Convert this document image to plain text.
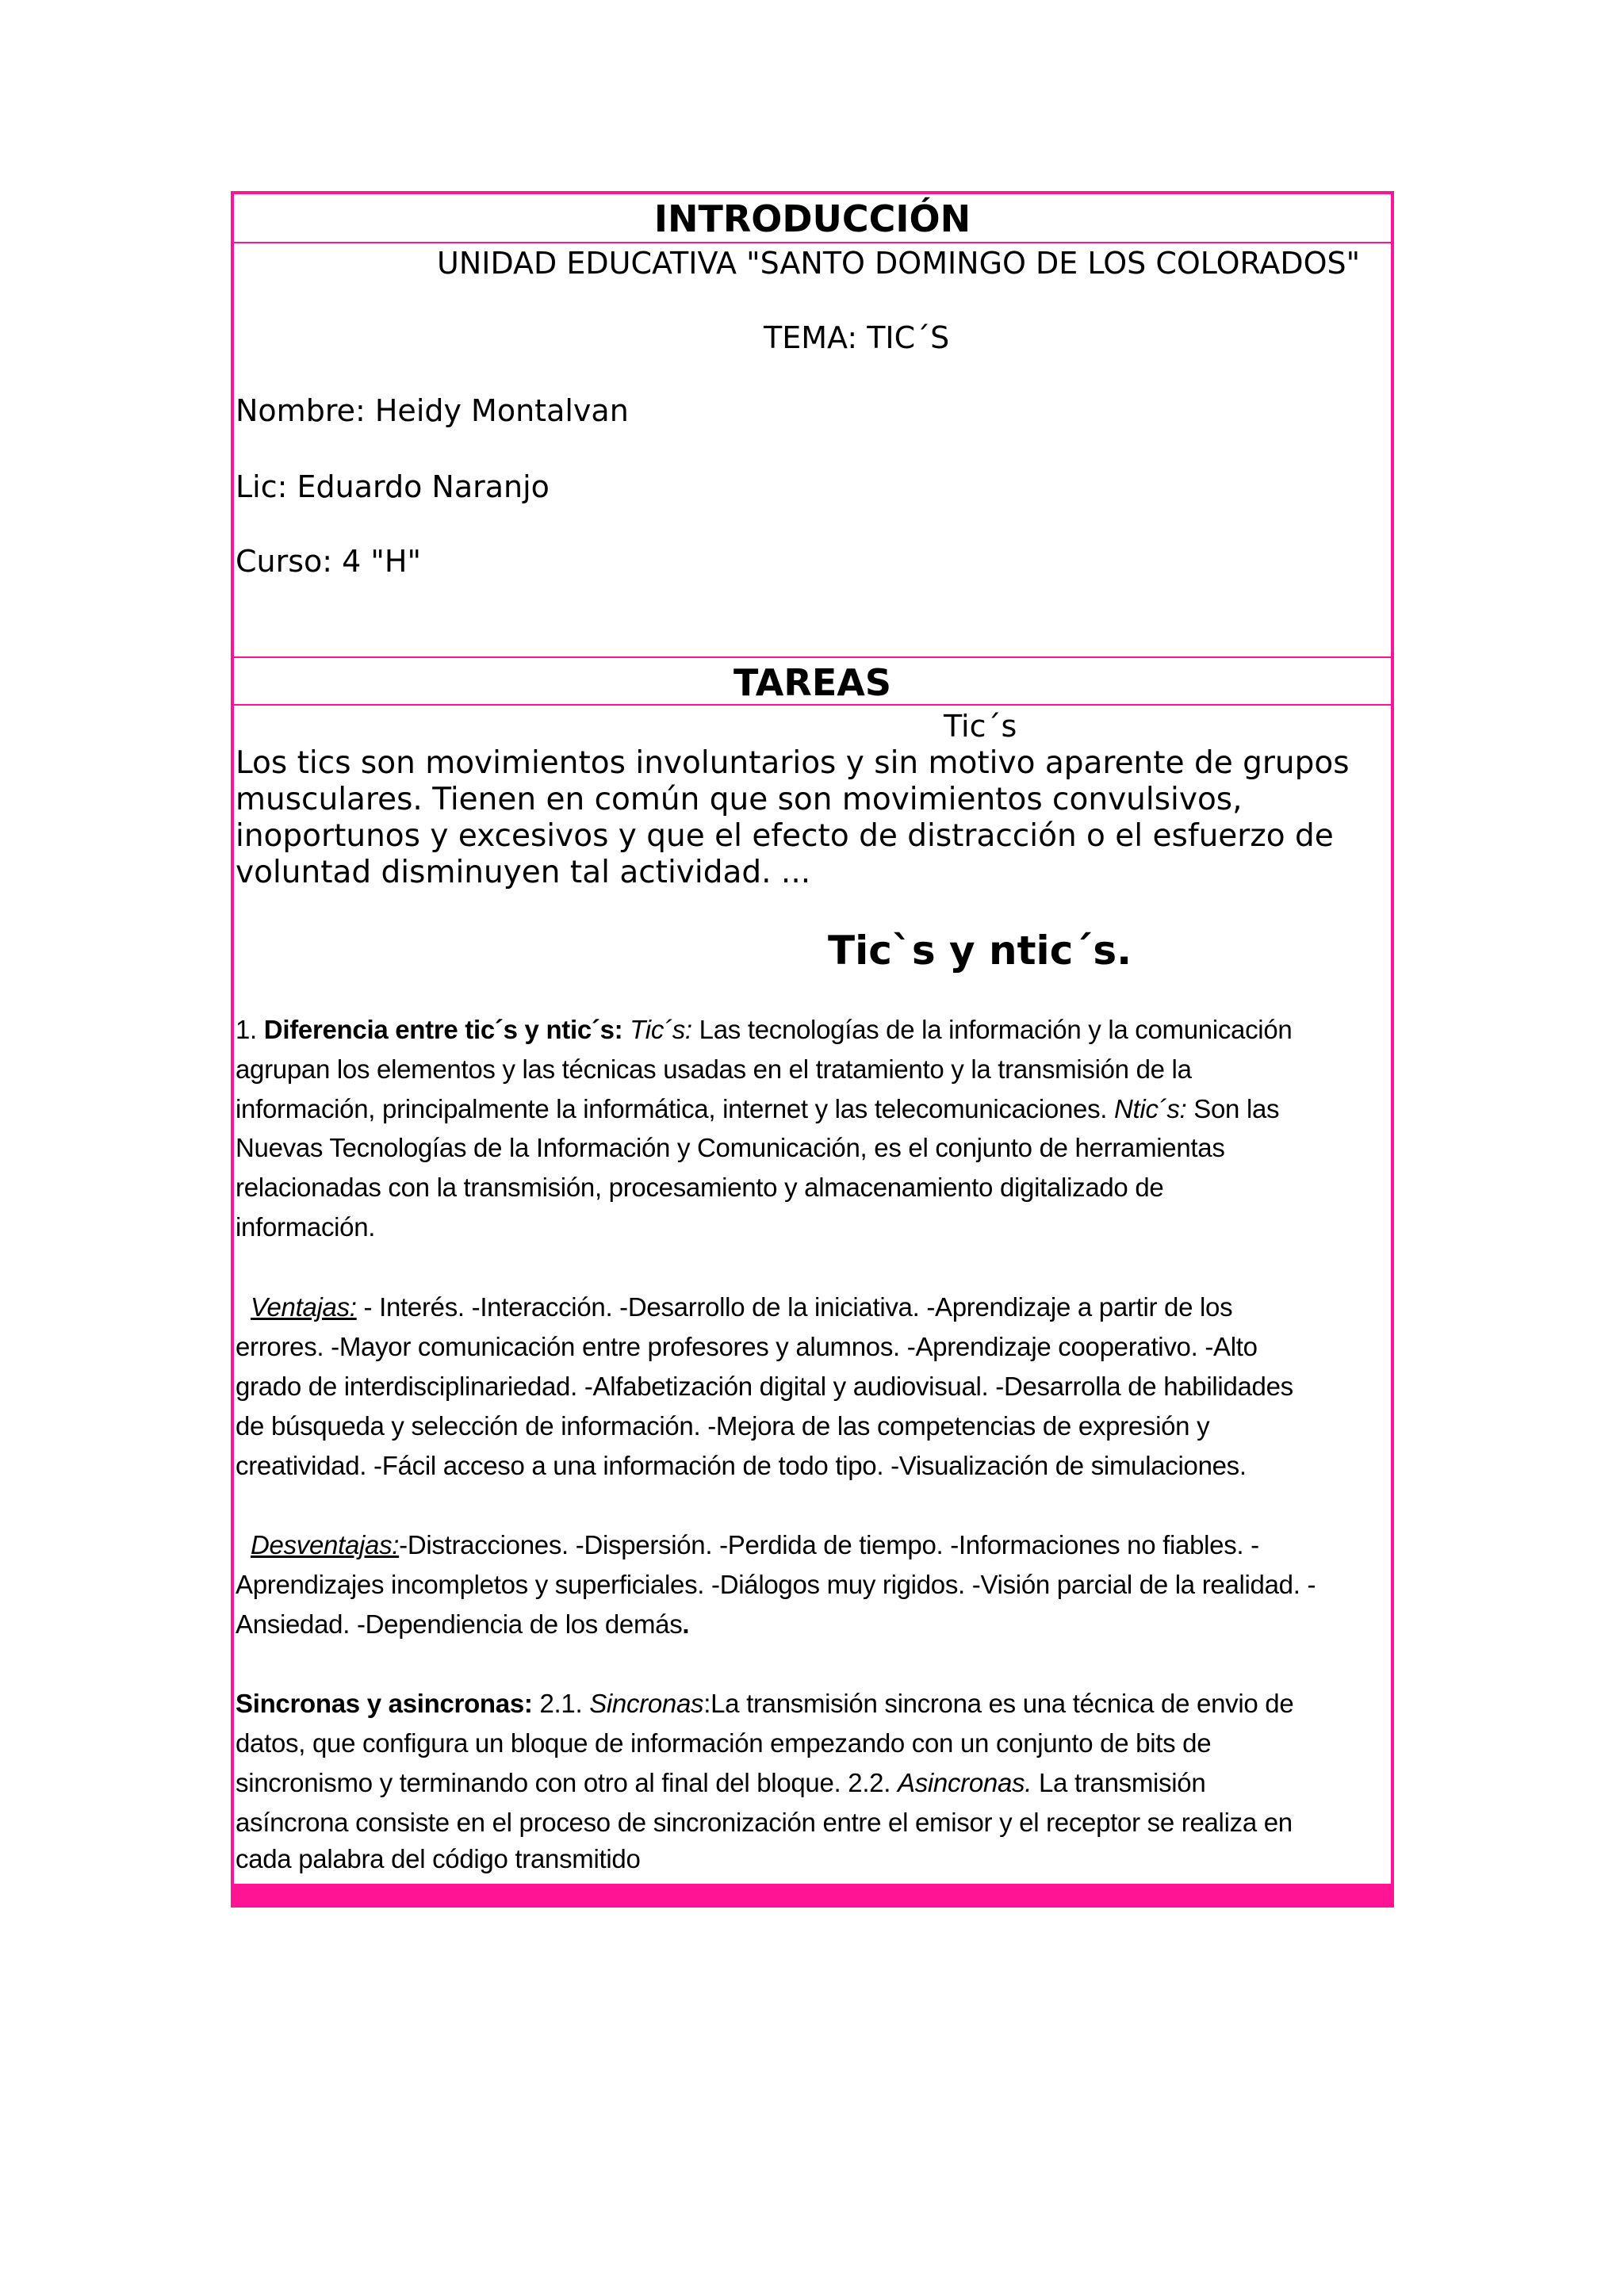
INTRODUCCIÓN
UNIDAD EDUCATIVA "SANTO DOMINGO DE LOS COLORADOS"
TEMA: TIC´S
Nombre: Heidy Montalvan
Lic: Eduardo Naranjo
Curso: 4 "H"
TAREAS
Tic´s
Los tics son movimientos involuntarios y sin motivo aparente de grupos
musculares. Tienen en común que son movimientos convulsivos,
inoportunos y excesivos y que el efecto de distracción o el esfuerzo de
voluntad disminuyen tal actividad. ...
Tic`s y ntic´s.
1. Diferencia entre tic´s y ntic´s: Tic´s: Las tecnologías de la información y la comunicación
agrupan los elementos y las técnicas usadas en el tratamiento y la transmisión de la
información, principalmente la informática, internet y las telecomunicaciones. Ntic´s: Son las
Nuevas Tecnologías de la Información y Comunicación, es el conjunto de herramientas
relacionadas con la transmisión, procesamiento y almacenamiento digitalizado de
información.
Ventajas: - Interés. -Interacción. -Desarrollo de la iniciativa. -Aprendizaje a partir de los
errores. -Mayor comunicación entre profesores y alumnos. -Aprendizaje cooperativo. -Alto
grado de interdisciplinariedad. -Alfabetización digital y audiovisual. -Desarrolla de habilidades
de búsqueda y selección de información. -Mejora de las competencias de expresión y
creatividad. -Fácil acceso a una información de todo tipo. -Visualización de simulaciones.
Desventajas:-Distracciones. -Dispersión. -Perdida de tiempo. -Informaciones no fiables. -
Aprendizajes incompletos y superficiales. -Diálogos muy rigidos. -Visión parcial de la realidad. -
Ansiedad. -Dependiencia de los demás.
Sincronas y asincronas: 2.1. Sincronas:La transmisión sincrona es una técnica de envio de
datos, que configura un bloque de información empezando con un conjunto de bits de
sincronismo y terminando con otro al final del bloque. 2.2. Asincronas. La transmisión
asíncrona consiste en el proceso de sincronización entre el emisor y el receptor se realiza en
cada palabra del código transmitido
